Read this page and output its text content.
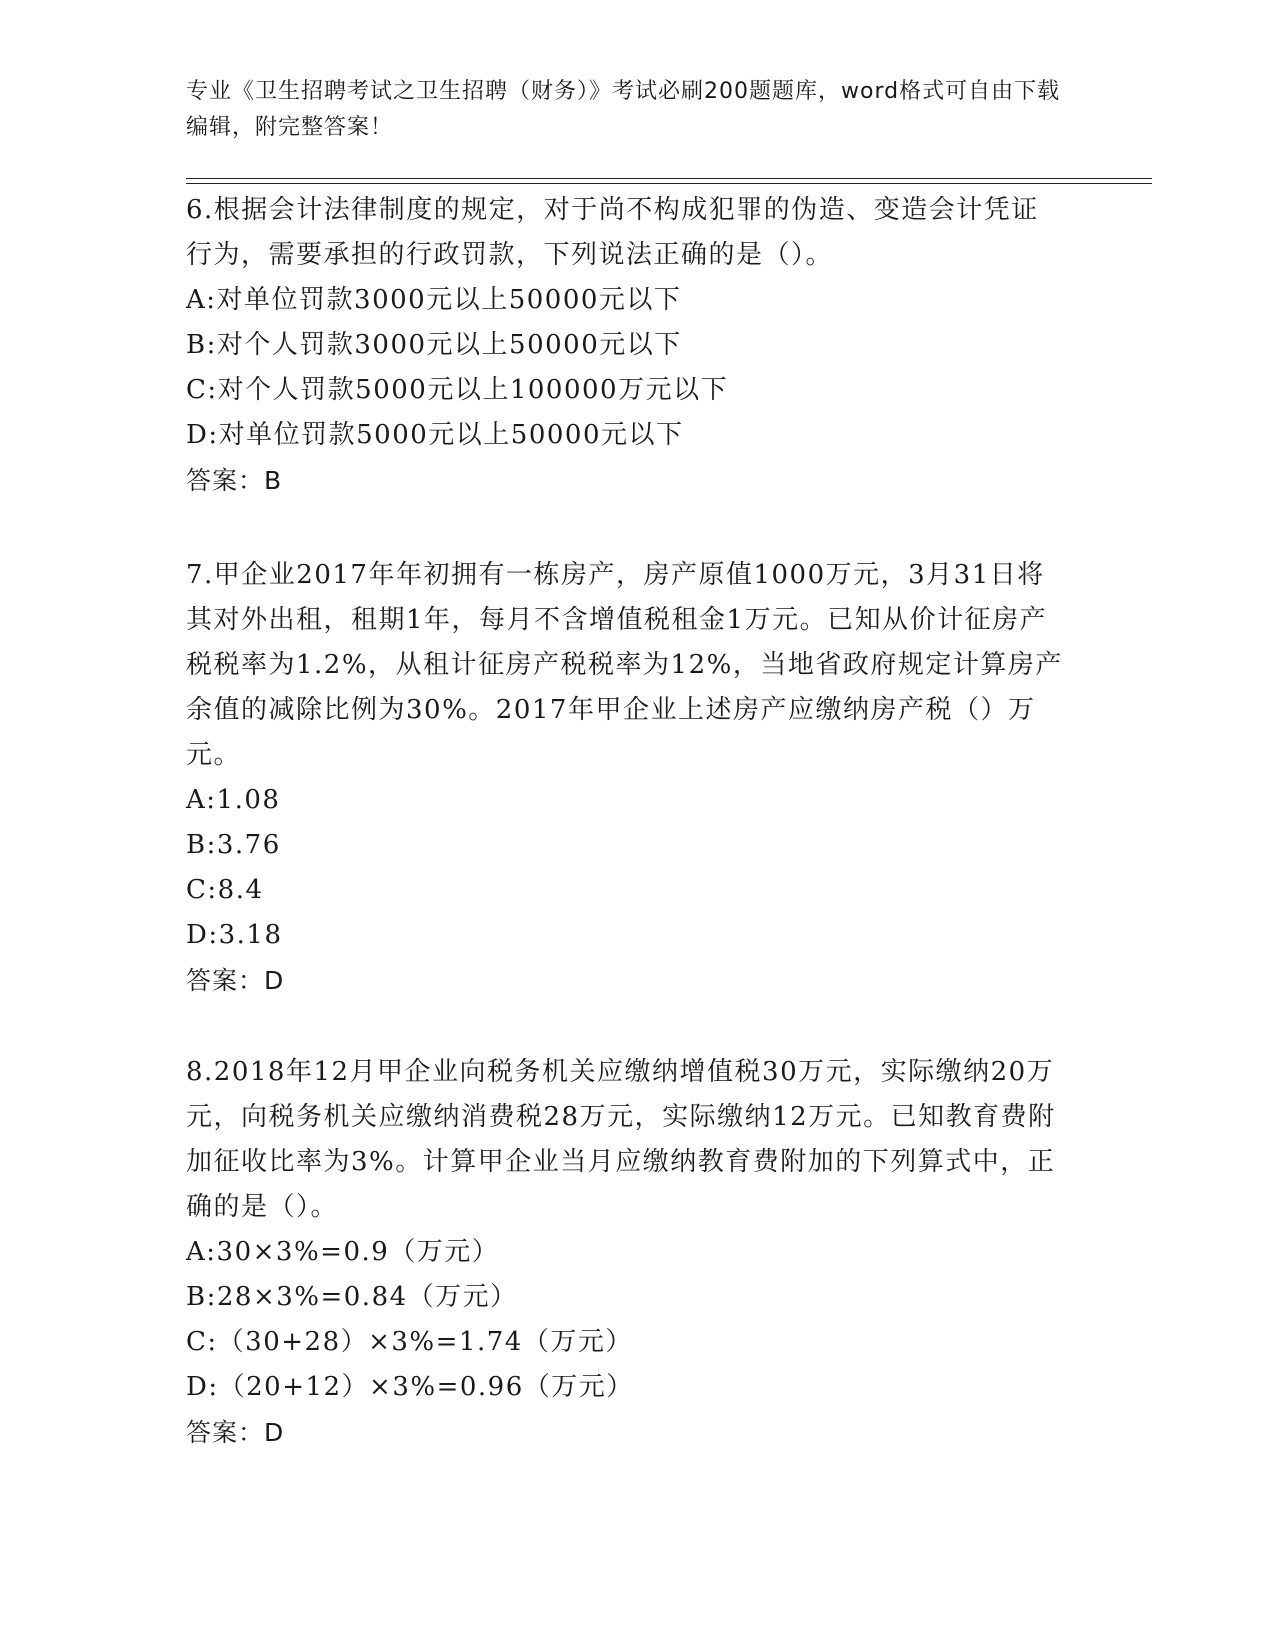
专业《卫生招聘考试之卫生招聘（财务）》考试必刷200题题库，word格式可自由下载编辑，附完整答案！

6.根据会计法律制度的规定，对于尚不构成犯罪的伪造、变造会计凭证行为，需要承担的行政罚款，下列说法正确的是（）。

A:对单位罚款3000元以上50000元以下

B:对个人罚款3000元以上50000元以下

C:对个人罚款5000元以上100000万元以下

D:对单位罚款5000元以上50000元以下

答案：B

7.甲企业2017年年初拥有一栋房产，房产原值1000万元，3月31日将其对外出租，租期1年，每月不含增值税租金1万元。已知从价计征房产税税率为1.2%，从租计征房产税税率为12%，当地省政府规定计算房产余值的减除比例为30%。2017年甲企业上述房产应缴纳房产税（）万元。

A:1.08

B:3.76

C:8.4

D:3.18

答案：D

8.2018年12月甲企业向税务机关应缴纳增值税30万元，实际缴纳20万元，向税务机关应缴纳消费税28万元，实际缴纳12万元。已知教育费附加征收比率为3%。计算甲企业当月应缴纳教育费附加的下列算式中，正确的是（）。

A:30×3%=0.9（万元）

B:28×3%=0.84（万元）

C:（30+28）×3%=1.74（万元）

D:（20+12）×3%=0.96（万元）

答案：D
